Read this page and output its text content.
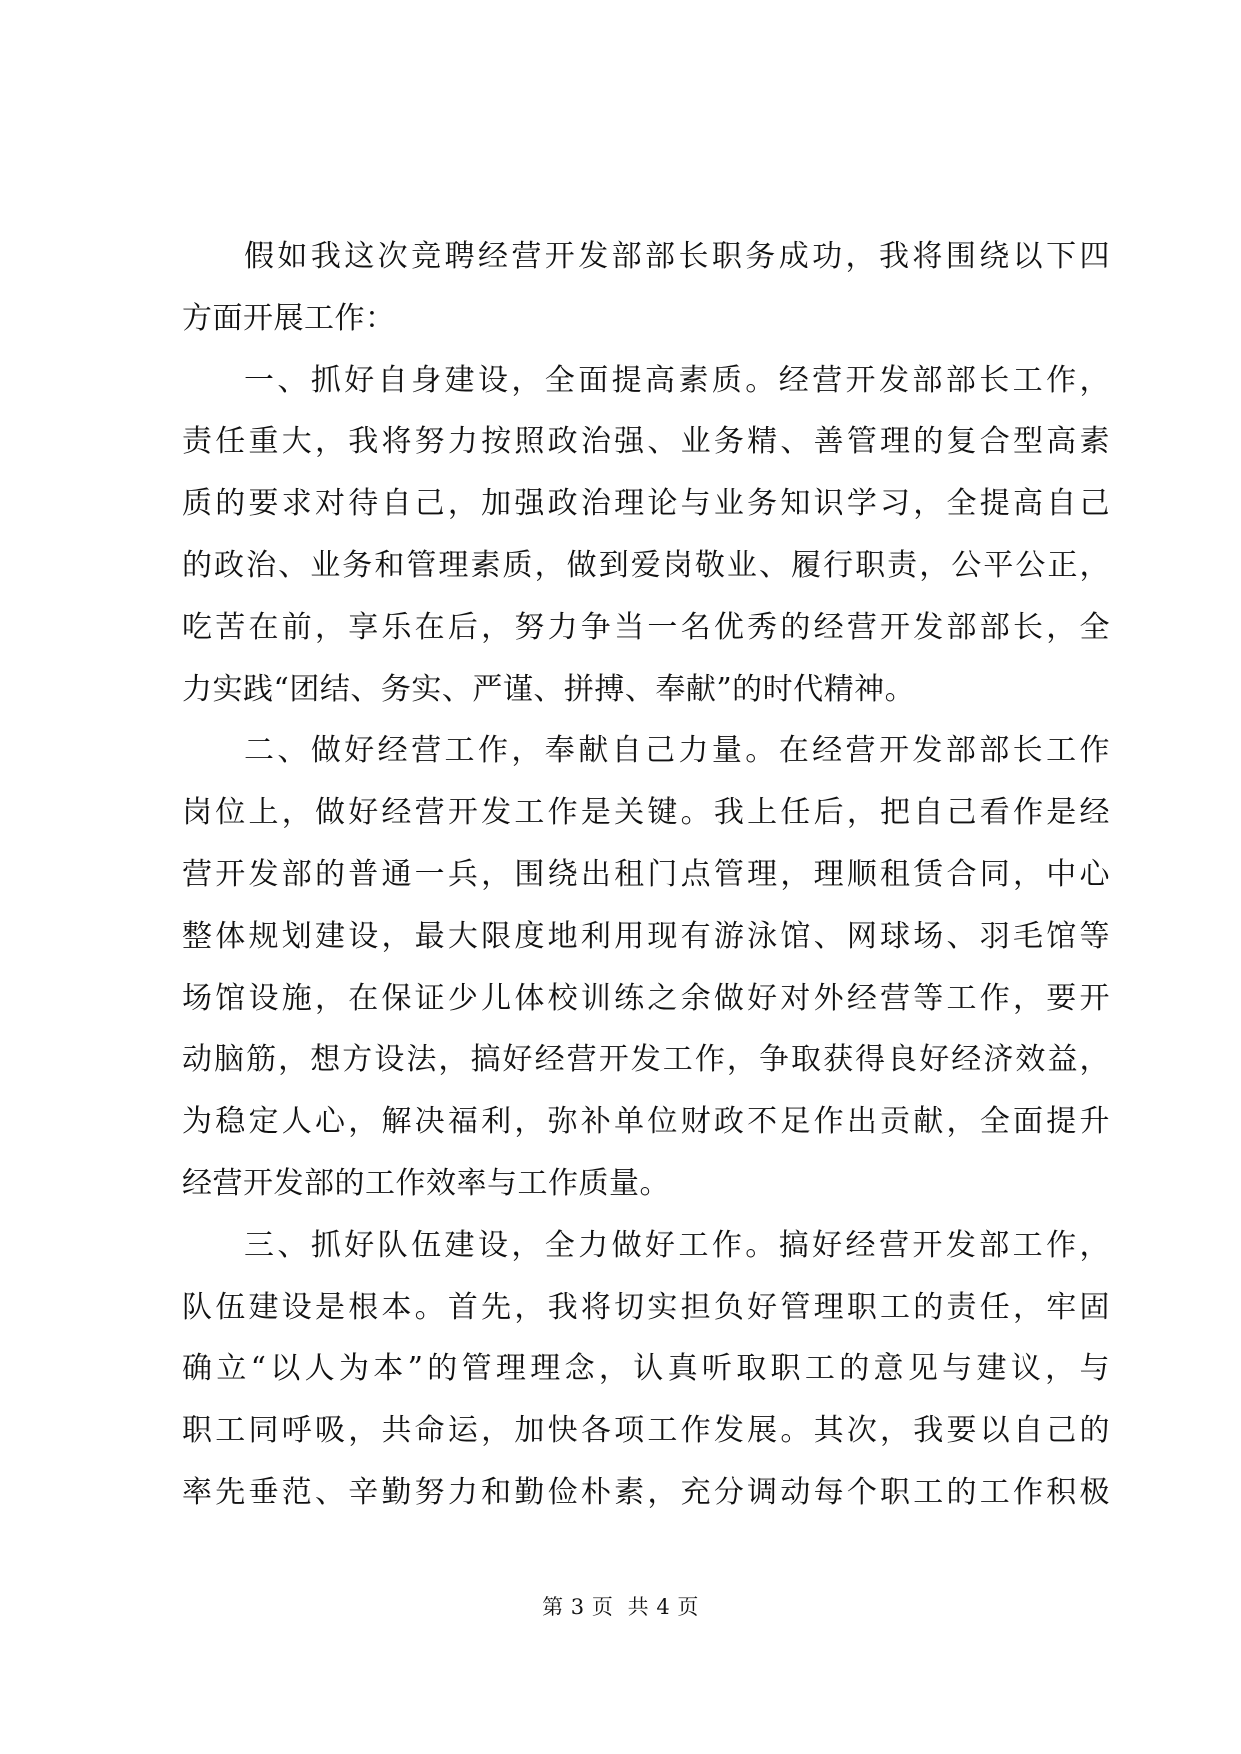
假如我这次竞聘经营开发部部长职务成功，我将围绕以下四
方面开展工作：
一、抓好自身建设，全面提高素质。经营开发部部长工作，
责任重大，我将努力按照政治强、业务精、善管理的复合型高素
质的要求对待自己，加强政治理论与业务知识学习，全提高自己
的政治、业务和管理素质，做到爱岗敬业、履行职责，公平公正，
吃苦在前，享乐在后，努力争当一名优秀的经营开发部部长，全
力实践“团结、务实、严谨、拼搏、奉献”的时代精神。
二、做好经营工作，奉献自己力量。在经营开发部部长工作
岗位上，做好经营开发工作是关键。我上任后，把自己看作是经
营开发部的普通一兵，围绕出租门点管理，理顺租赁合同，中心
整体规划建设，最大限度地利用现有游泳馆、网球场、羽毛馆等
场馆设施，在保证少儿体校训练之余做好对外经营等工作，要开
动脑筋，想方设法，搞好经营开发工作，争取获得良好经济效益，
为稳定人心，解决福利，弥补单位财政不足作出贡献，全面提升
经营开发部的工作效率与工作质量。
三、抓好队伍建设，全力做好工作。搞好经营开发部工作，
队伍建设是根本。首先，我将切实担负好管理职工的责任，牢固
确立“以人为本”的管理理念，认真听取职工的意见与建议，与
职工同呼吸，共命运，加快各项工作发展。其次，我要以自己的
率先垂范、辛勤努力和勤俭朴素，充分调动每个职工的工作积极
第 3 页  共 4 页
